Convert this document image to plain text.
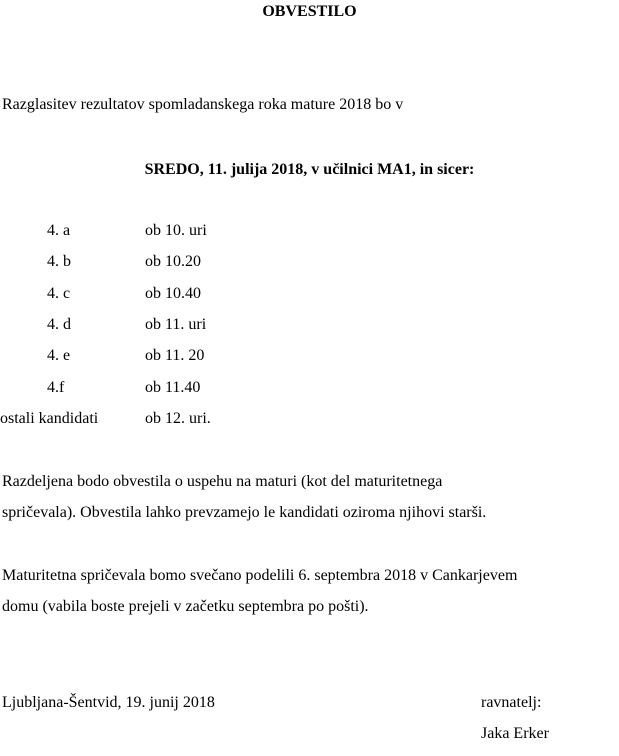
OBVESTILO
Razglasitev rezultatov spomladanskega roka mature 2018 bo v
SREDO, 11. julija 2018, v učilnici MA1, in sicer:
4. a	ob 10. uri
4. b	ob 10.20
4. c	ob 10.40
4. d	ob 11. uri
4. e	ob 11. 20
4.f	ob 11.40
ostali kandidati	ob 12. uri.
Razdeljena bodo obvestila o uspehu na maturi (kot del maturitetnega
spričevala). Obvestila lahko prevzamejo le kandidati oziroma njihovi starši.
Maturitetna spričevala bomo svečano podelili 6. septembra 2018 v Cankarjevem
domu (vabila boste prejeli v začetku septembra po pošti).
Ljubljana-Šentvid, 19. junij 2018	ravnatelj:
Jaka Erker
